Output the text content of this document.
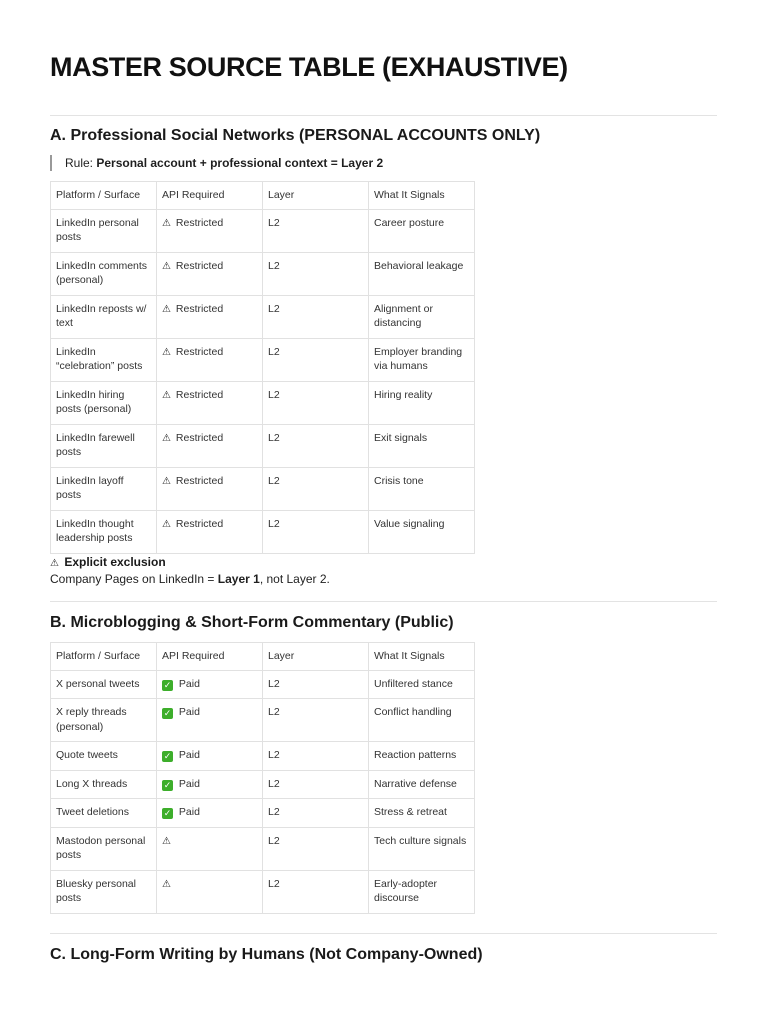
MASTER SOURCE TABLE (EXHAUSTIVE)
A. Professional Social Networks (PERSONAL ACCOUNTS ONLY)
Rule: Personal account + professional context = Layer 2
Platform / Surface	API Required	Layer	What It Signals
LinkedIn personal posts	⚠ Restricted	L2	Career posture
LinkedIn comments (personal)	⚠ Restricted	L2	Behavioral leakage
LinkedIn reposts w/ text	⚠ Restricted	L2	Alignment or distancing
LinkedIn “celebration” posts	⚠ Restricted	L2	Employer branding via humans
LinkedIn hiring posts (personal)	⚠ Restricted	L2	Hiring reality
LinkedIn farewell posts	⚠ Restricted	L2	Exit signals
LinkedIn layoff posts	⚠ Restricted	L2	Crisis tone
LinkedIn thought leadership posts	⚠ Restricted	L2	Value signaling
⚠ Explicit exclusion
Company Pages on LinkedIn = Layer 1, not Layer 2.
B. Microblogging & Short-Form Commentary (Public)
Platform / Surface	API Required	Layer	What It Signals
X personal tweets	✓ Paid	L2	Unfiltered stance
X reply threads (personal)	✓ Paid	L2	Conflict handling
Quote tweets	✓ Paid	L2	Reaction patterns
Long X threads	✓ Paid	L2	Narrative defense
Tweet deletions	✓ Paid	L2	Stress & retreat
Mastodon personal posts	⚠	L2	Tech culture signals
Bluesky personal posts	⚠	L2	Early-adopter discourse
C. Long-Form Writing by Humans (Not Company-Owned)
